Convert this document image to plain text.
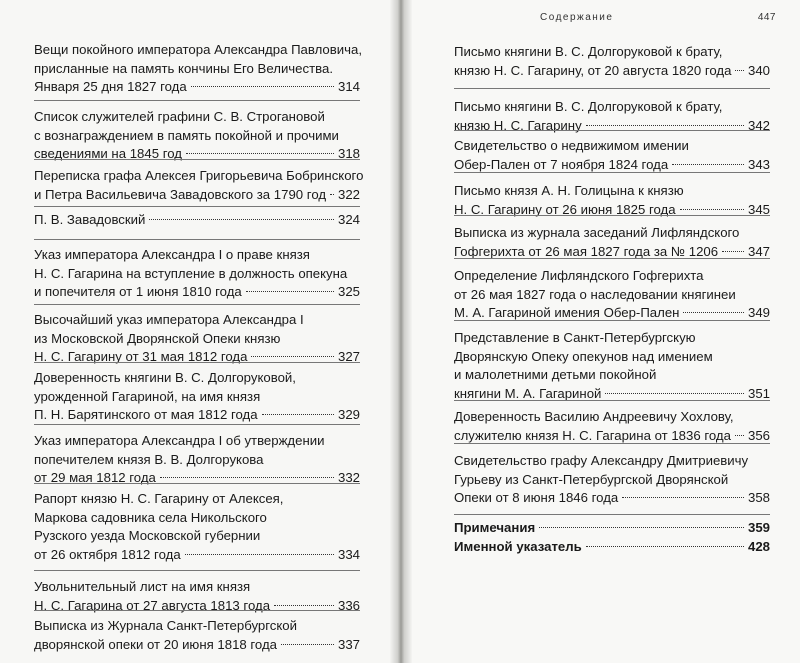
Вещи покойного императора Александра Павловича,
присланные на память кончины Его Величества.
Января 25 дня 1827 года	314
Список служителей графини С. В. Строгановой
с вознаграждением в память покойной и прочими
сведениями на 1845 год	318
Переписка графа Алексея Григорьевича Бобринского
и Петра Васильевича Завадовского за 1790 год 322
П. В. Завадовский	324
Указ императора Александра I о праве князя
Н. С. Гагарина на вступление в должность опекуна
и попечителя от 1 июня 1810 года	325
Высочайший указ императора Александра I
из Московской Дворянской Опеки князю
Н. С. Гагарину от 31 мая 1812 года	327
Доверенность княгини В. С. Долгоруковой,
урожденной Гагариной, на имя князя
П. Н. Барятинского от мая 1812 года	329
Указ императора Александра I об утверждении
попечителем князя В. В. Долгорукова
от 29 мая 1812 года	332
Рапорт князю Н. С. Гагарину от Алексея,
Маркова садовника села Никольского
Рузского уезда Московской губернии
от 26 октября 1812 года	334
Увольнительный лист на имя князя
Н. С. Гагарина от 27 августа 1813 года	336
Выписка из Журнала Санкт-Петербургской
дворянской опеки от 20 июня 1818 года	337
Содержание	447
Письмо княгини В. С. Долгоруковой к брату,
князю Н. С. Гагарину, от 20 августа 1820 года 340
Письмо княгини В. С. Долгоруковой к брату,
князю Н. С. Гагарину	342
Свидетельство о недвижимом имении
Обер-Пален от 7 ноября 1824 года	343
Письмо князя А. Н. Голицына к князю
Н. С. Гагарину от 26 июня 1825 года	345
Выписка из журнала заседаний Лифляндского
Гофгерихта от 26 мая 1827 года за № 1206 347
Определение Лифляндского Гофгерихта
от 26 мая 1827 года о наследовании княгинеи
М. А. Гагариной имения Обер-Пален	349
Представление в Санкт-Петербургскую
Дворянскую Опеку опекунов над имением
и малолетними детьми покойной
княгини М. А. Гагариной	351
Доверенность Василию Андреевичу Хохлову,
служителю князя Н. С. Гагарина от 1836 года 356
Свидетельство графу Александру Дмитриевичу
Гурьеву из Санкт-Петербургской Дворянской
Опеки от 8 июня 1846 года	358
Примечания	359
Именной указатель	428
